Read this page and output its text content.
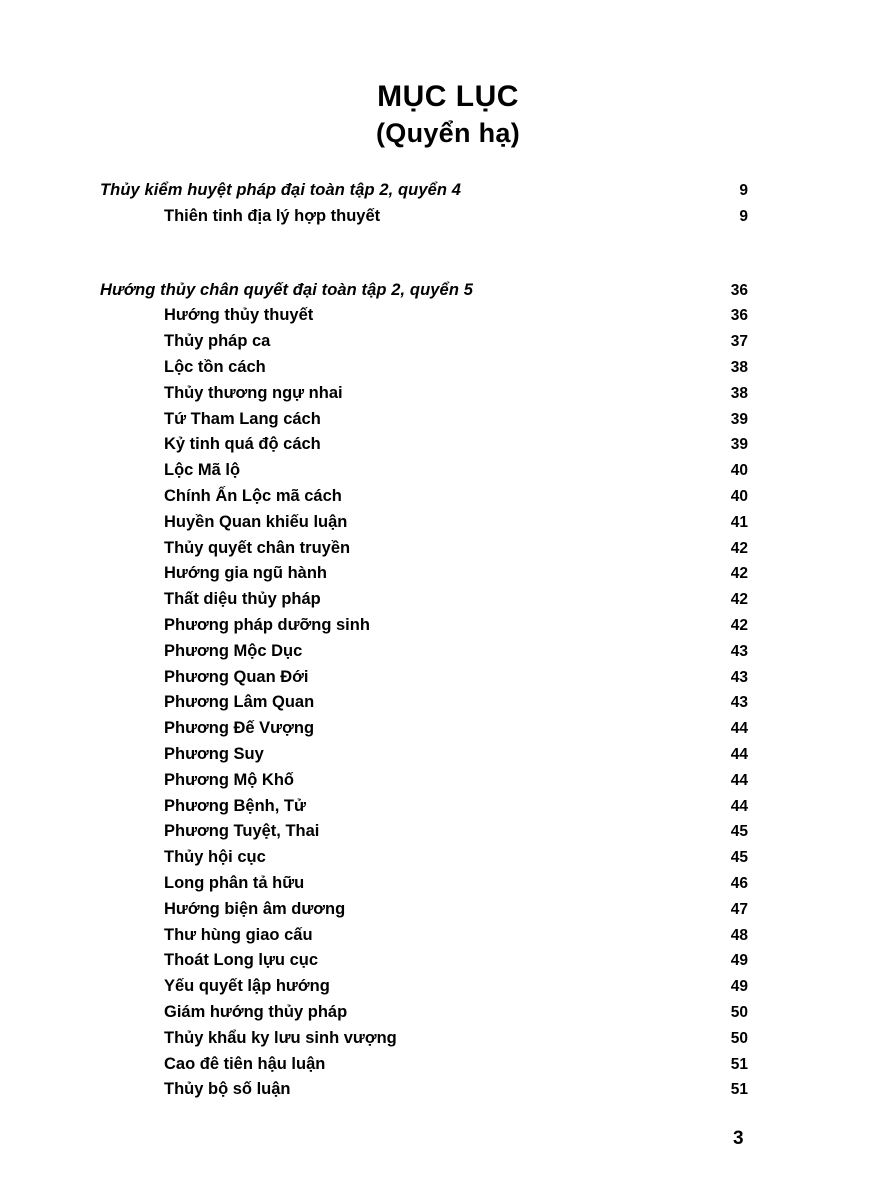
MỤC LỤC
(Quyển hạ)
Thủy kiểm huyệt pháp đại toàn tập 2, quyển 4	9
Thiên tinh địa lý hợp thuyết	9
Hướng thủy chân quyết đại toàn tập 2, quyển 5	36
Hướng thủy thuyết	36
Thủy pháp ca	37
Lộc tồn cách	38
Thủy thương ngự nhai	38
Tứ Tham Lang cách	39
Kỷ tinh quá độ cách	39
Lộc Mã lộ	40
Chính Ấn Lộc mã cách	40
Huyền Quan khiếu luận	41
Thủy quyết chân truyền	42
Hướng gia ngũ hành	42
Thất diệu thủy pháp	42
Phương pháp dưỡng sinh	42
Phương Mộc Dục	43
Phương Quan Đới	43
Phương Lâm Quan	43
Phương Đế Vượng	44
Phương Suy	44
Phương Mộ Khố	44
Phương Bệnh, Tử	44
Phương Tuyệt, Thai	45
Thủy hội cục	45
Long phân tả hữu	46
Hướng biện âm dương	47
Thư hùng giao cấu	48
Thoát Long lựu cục	49
Yếu quyết lập hướng	49
Giám hướng thủy pháp	50
Thủy khẩu ky lưu sinh vượng	50
Cao đê tiên hậu luận	51
Thủy bộ số luận	51
3
